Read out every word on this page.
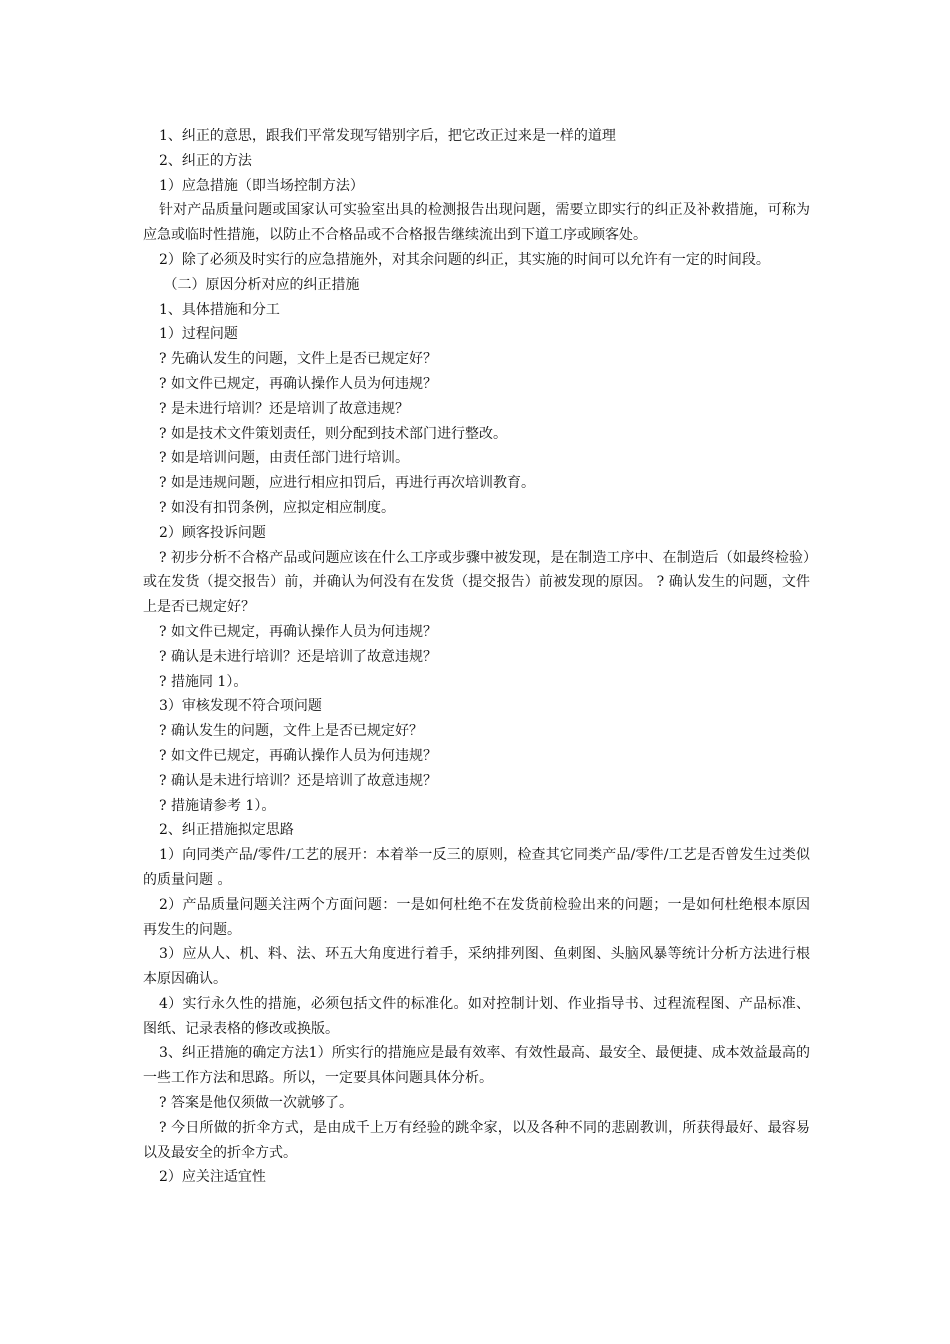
1、纠正的意思，跟我们平常发现写错别字后，把它改正过来是一样的道理

2、纠正的方法

1）应急措施（即当场控制方法）

针对产品质量问题或国家认可实验室出具的检测报告出现问题，需要立即实行的纠正及补救措施，可称为应急或临时性措施，以防止不合格品或不合格报告继续流出到下道工序或顾客处。

2）除了必须及时实行的应急措施外，对其余问题的纠正，其实施的时间可以允许有一定的时间段。

（二）原因分析对应的纠正措施

1、具体措施和分工

1）过程问题

? 先确认发生的问题，文件上是否已规定好？

? 如文件已规定，再确认操作人员为何违规？

? 是未进行培训？还是培训了故意违规？

? 如是技术文件策划责任，则分配到技术部门进行整改。

? 如是培训问题，由责任部门进行培训。

? 如是违规问题，应进行相应扣罚后，再进行再次培训教育。

? 如没有扣罚条例，应拟定相应制度。

2）顾客投诉问题

? 初步分析不合格产品或问题应该在什么工序或步骤中被发现，是在制造工序中、在制造后（如最终检验）或在发货（提交报告）前，并确认为何没有在发货（提交报告）前被发现的原因。 ? 确认发生的问题，文件上是否已规定好？

? 如文件已规定，再确认操作人员为何违规？

? 确认是未进行培训？还是培训了故意违规？

? 措施同 1）。

3）审核发现不符合项问题

? 确认发生的问题，文件上是否已规定好？

? 如文件已规定，再确认操作人员为何违规？

? 确认是未进行培训？还是培训了故意违规？

? 措施请参考 1）。

2、纠正措施拟定思路

1）向同类产品/零件/工艺的展开：本着举一反三的原则，检查其它同类产品/零件/工艺是否曾发生过类似的质量问题 。

2）产品质量问题关注两个方面问题：一是如何杜绝不在发货前检验出来的问题；一是如何杜绝根本原因再发生的问题。

3）应从人、机、料、法、环五大角度进行着手，采纳排列图、鱼刺图、头脑风暴等统计分析方法进行根本原因确认。

4）实行永久性的措施，必须包括文件的标准化。如对控制计划、作业指导书、过程流程图、产品标准、图纸、记录表格的修改或换版。

3、纠正措施的确定方法1）所实行的措施应是最有效率、有效性最高、最安全、最便捷、成本效益最高的一些工作方法和思路。所以，一定要具体问题具体分析。

? 答案是他仅须做一次就够了。

? 今日所做的折伞方式，是由成千上万有经验的跳伞家，以及各种不同的悲剧教训，所获得最好、最容易以及最安全的折伞方式。

2）应关注适宜性
